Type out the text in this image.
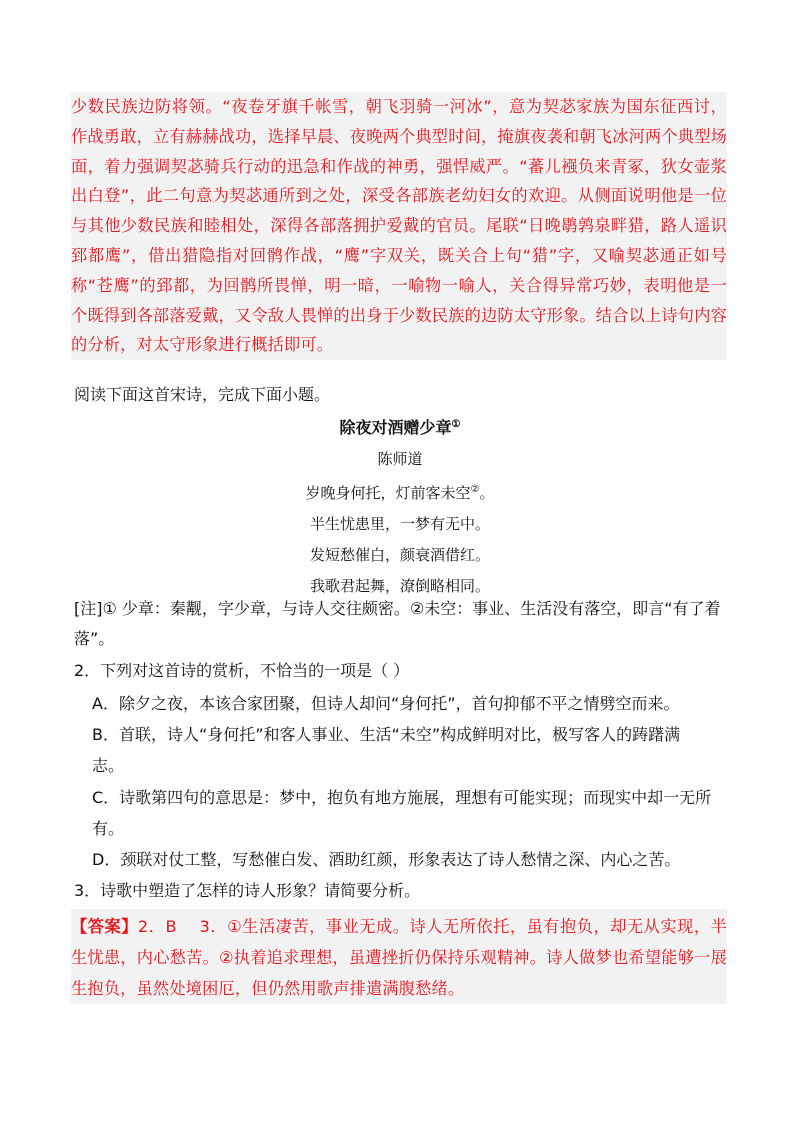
少数民族边防将领。“夜卷牙旗千帐雪，朝飞羽骑一河冰”，意为契苾家族为国东征西讨，作战勇敢，立有赫赫战功，选择早晨、夜晚两个典型时间，掩旗夜袭和朝飞冰河两个典型场面，着力强调契苾骑兵行动的迅急和作战的神勇，强悍威严。“蕃儿襁负来青冢，狄女壶浆出白登”，此二句意为契苾通所到之处，深受各部族老幼妇女的欢迎。从侧面说明他是一位与其他少数民族和睦相处，深得各部落拥护爱戴的官员。尾联“日晚鹖鹑泉畔猎，路人遥识郅都鹰”，借出猎隐指对回鹘作战，“鹰”字双关，既关合上句“猎”字，又喻契苾通正如号称“苍鹰”的郅都，为回鹘所畏惮，明一暗，一喻物一喻人，关合得异常巧妙，表明他是一个既得到各部落爱戴，又令敌人畏惮的出身于少数民族的边防太守形象。结合以上诗句内容的分析，对太守形象进行概括即可。

阅读下面这首宋诗，完成下面小题。
除夜对酒赠少章①
陈师道
岁晚身何托，灯前客未空②。
半生忧患里，一梦有无中。
发短愁催白，颜衰酒借红。
我歌君起舞，潦倒略相同。
[注]① 少章：秦觏，字少章，与诗人交往颇密。②未空：事业、生活没有落空，即言“有了着落”。
2．下列对这首诗的赏析，不恰当的一项是（ ）
A．除夕之夜，本该合家团聚，但诗人却问“身何托”，首句抑郁不平之情劈空而来。
B．首联，诗人“身何托”和客人事业、生活“未空”构成鲜明对比，极写客人的踌躇满
志。
C．诗歌第四句的意思是：梦中，抱负有地方施展，理想有可能实现；而现实中却一无所
有。
D．颈联对仗工整，写愁催白发、酒助红颜，形象表达了诗人愁情之深、内心之苦。
3．诗歌中塑造了怎样的诗人形象？请简要分析。

【答案】2．B　 3．①生活凄苦，事业无成。诗人无所依托，虽有抱负，却无从实现，半生忧患，内心愁苦。②执着追求理想，虽遭挫折仍保持乐观精神。诗人做梦也希望能够一展生抱负，虽然处境困厄，但仍然用歌声排遣满腹愁绪。
